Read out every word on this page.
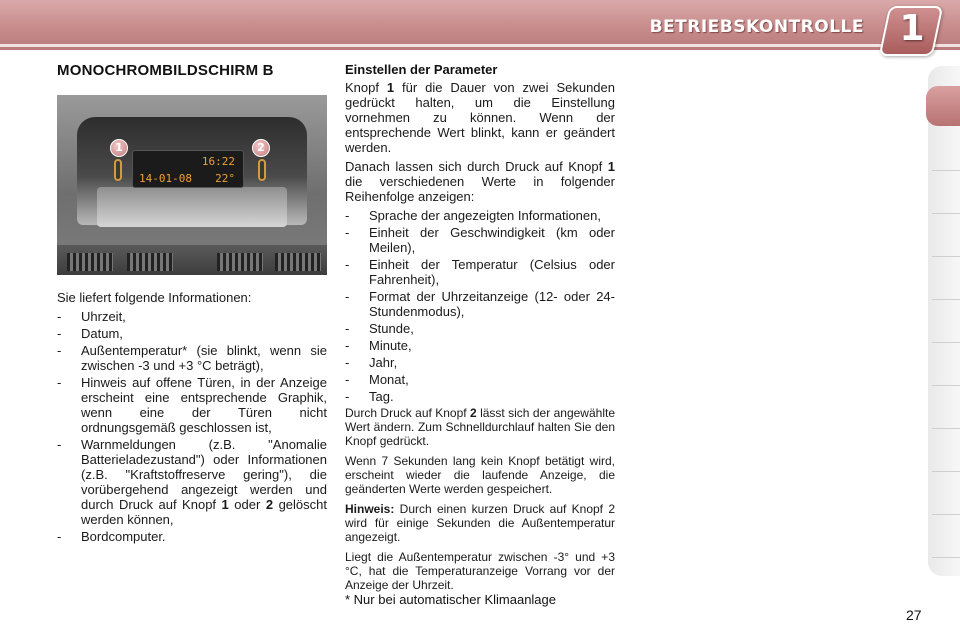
BETRIEBSKONTROLLE 1
MONOCHROMBILDSCHIRM B
16:22
14-01-08 22°
1	2

Sie liefert folgende Informationen:

- Uhrzeit,
- Datum,
- Außentemperatur* (sie blinkt, wenn sie zwischen -3 und +3 °C beträgt),
- Hinweis auf offene Türen, in der Anzeige erscheint eine entsprechende Graphik, wenn eine der Türen nicht ordnungsgemäß geschlossen ist,
- Warnmeldungen (z.B. "Anomalie Batterieladezustand") oder Informationen (z.B. "Kraftstoffreserve gering"), die vorübergehend angezeigt werden und durch Druck auf Knopf 1 oder 2 gelöscht werden können,
- Bordcomputer.
Einstellen der Parameter

Knopf 1 für die Dauer von zwei Sekunden gedrückt halten, um die Einstellung vornehmen zu können. Wenn der entsprechende Wert blinkt, kann er geändert werden.

Danach lassen sich durch Druck auf Knopf 1 die verschiedenen Werte in folgender Reihenfolge anzeigen:

- Sprache der angezeigten Informationen,
- Einheit der Geschwindigkeit (km oder Meilen),
- Einheit der Temperatur (Celsius oder Fahrenheit),
- Format der Uhrzeitanzeige (12- oder 24-Stundenmodus),
- Stunde,
- Minute,
- Jahr,
- Monat,
- Tag.

Durch Druck auf Knopf 2 lässt sich der angewählte Wert ändern. Zum Schnelldurchlauf halten Sie den Knopf gedrückt.

Wenn 7 Sekunden lang kein Knopf betätigt wird, erscheint wieder die laufende Anzeige, die geänderten Werte werden gespeichert.

Hinweis: Durch einen kurzen Druck auf Knopf 2 wird für einige Sekunden die Außentemperatur angezeigt.

Liegt die Außentemperatur zwischen -3° und +3 °C, hat die Temperaturanzeige Vorrang vor der Anzeige der Uhrzeit.

* Nur bei automatischer Klimaanlage
27
